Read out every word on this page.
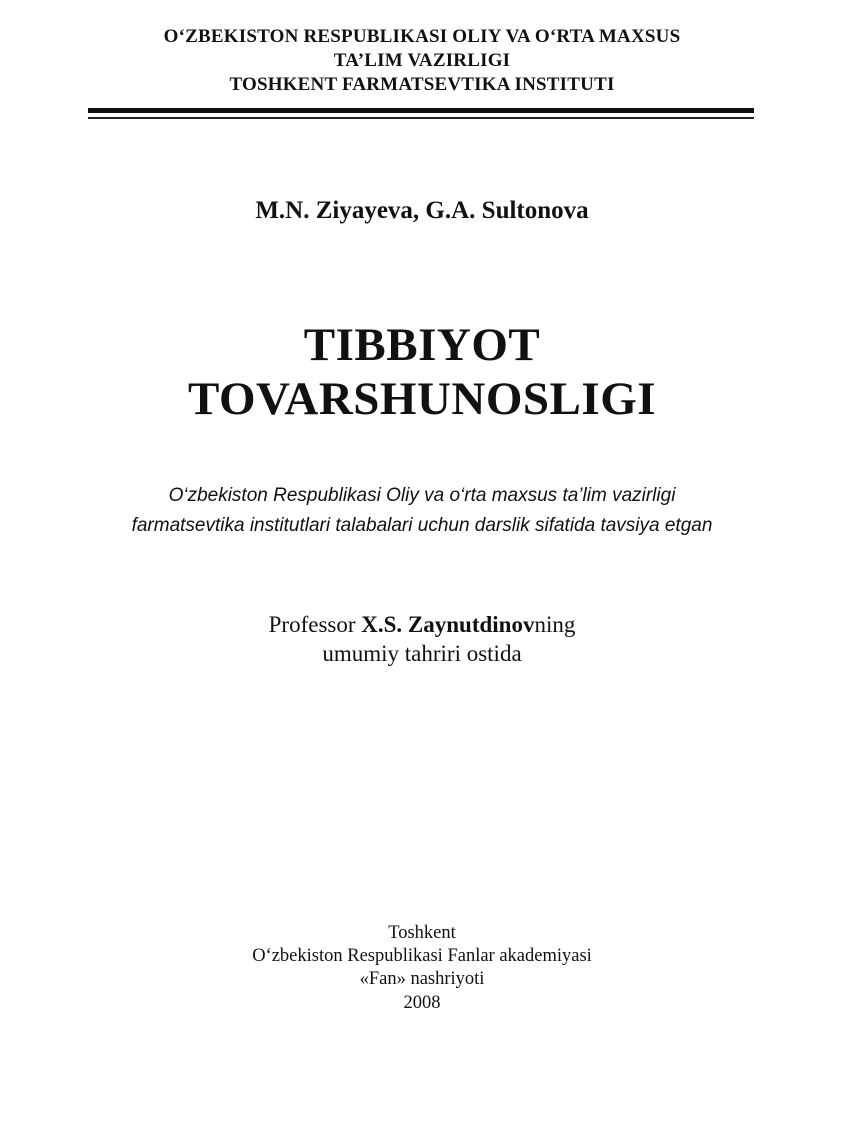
O‘ZBEKISTON RESPUBLIKASI OLIY VA O‘RTA MAXSUS
TA’LIM VAZIRLIGI
TOSHKENT FARMATSEVTIKA INSTITUTI
M.N. Ziyayeva, G.A. Sultonova
TIBBIYOT
TOVARSHUNOSLIGI
O‘zbekiston Respublikasi Oliy va o‘rta maxsus ta’lim vazirligi
farmatsevtika institutlari talabalari uchun darslik sifatida tavsiya etgan
Professor X.S. Zaynutdinovning
umumiy tahriri ostida
Toshkent
O‘zbekiston Respublikasi Fanlar akademiyasi
«Fan» nashriyoti
2008
